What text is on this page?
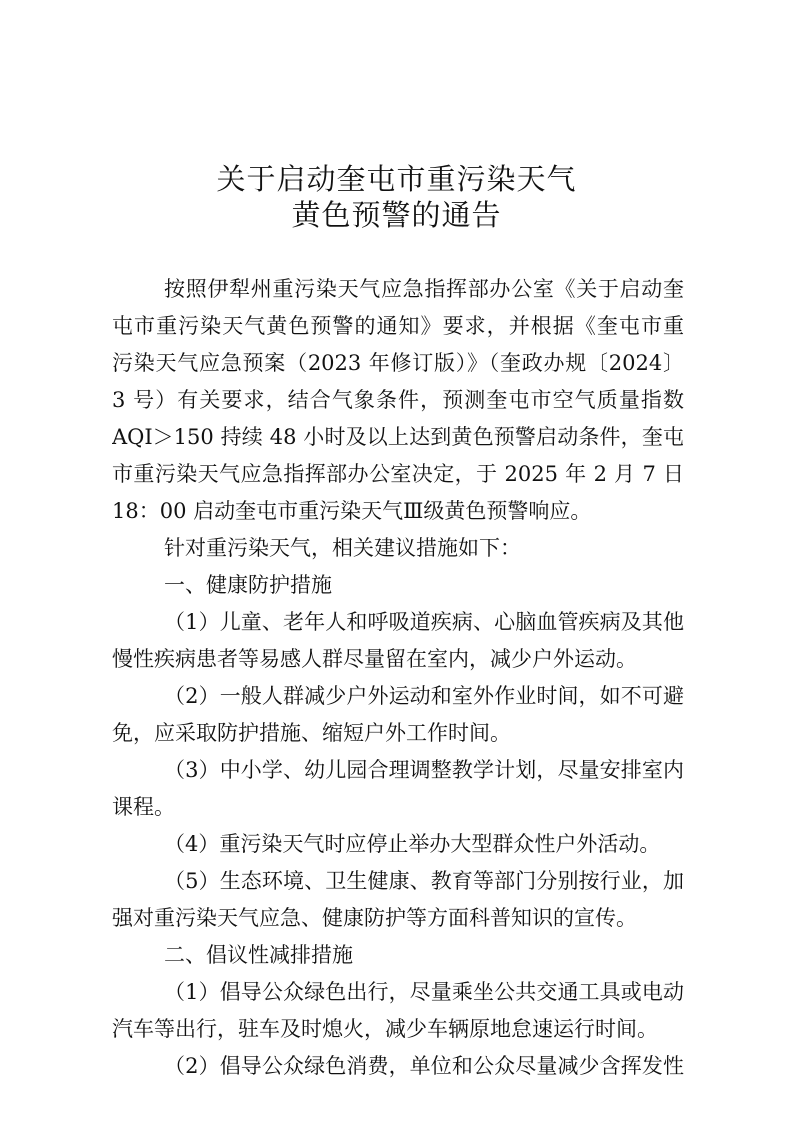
关于启动奎屯市重污染天气
黄色预警的通告
按照伊犁州重污染天气应急指挥部办公室《关于启动奎
屯市重污染天气黄色预警的通知》要求，并根据《奎屯市重
污染天气应急预案（2023 年修订版）》（奎政办规〔2024〕
3 号）有关要求，结合气象条件，预测奎屯市空气质量指数
AQI＞150 持续 48 小时及以上达到黄色预警启动条件，奎屯
市重污染天气应急指挥部办公室决定，于 2025 年 2 月 7 日
18：00 启动奎屯市重污染天气Ⅲ级黄色预警响应。
针对重污染天气，相关建议措施如下：
一、健康防护措施
（1）儿童、老年人和呼吸道疾病、心脑血管疾病及其他
慢性疾病患者等易感人群尽量留在室内，减少户外运动。
（2）一般人群减少户外运动和室外作业时间，如不可避
免，应采取防护措施、缩短户外工作时间。
（3）中小学、幼儿园合理调整教学计划，尽量安排室内
课程。
（4）重污染天气时应停止举办大型群众性户外活动。
（5）生态环境、卫生健康、教育等部门分别按行业，加
强对重污染天气应急、健康防护等方面科普知识的宣传。
二、倡议性减排措施
（1）倡导公众绿色出行，尽量乘坐公共交通工具或电动
汽车等出行，驻车及时熄火，减少车辆原地怠速运行时间。
（2）倡导公众绿色消费，单位和公众尽量减少含挥发性
